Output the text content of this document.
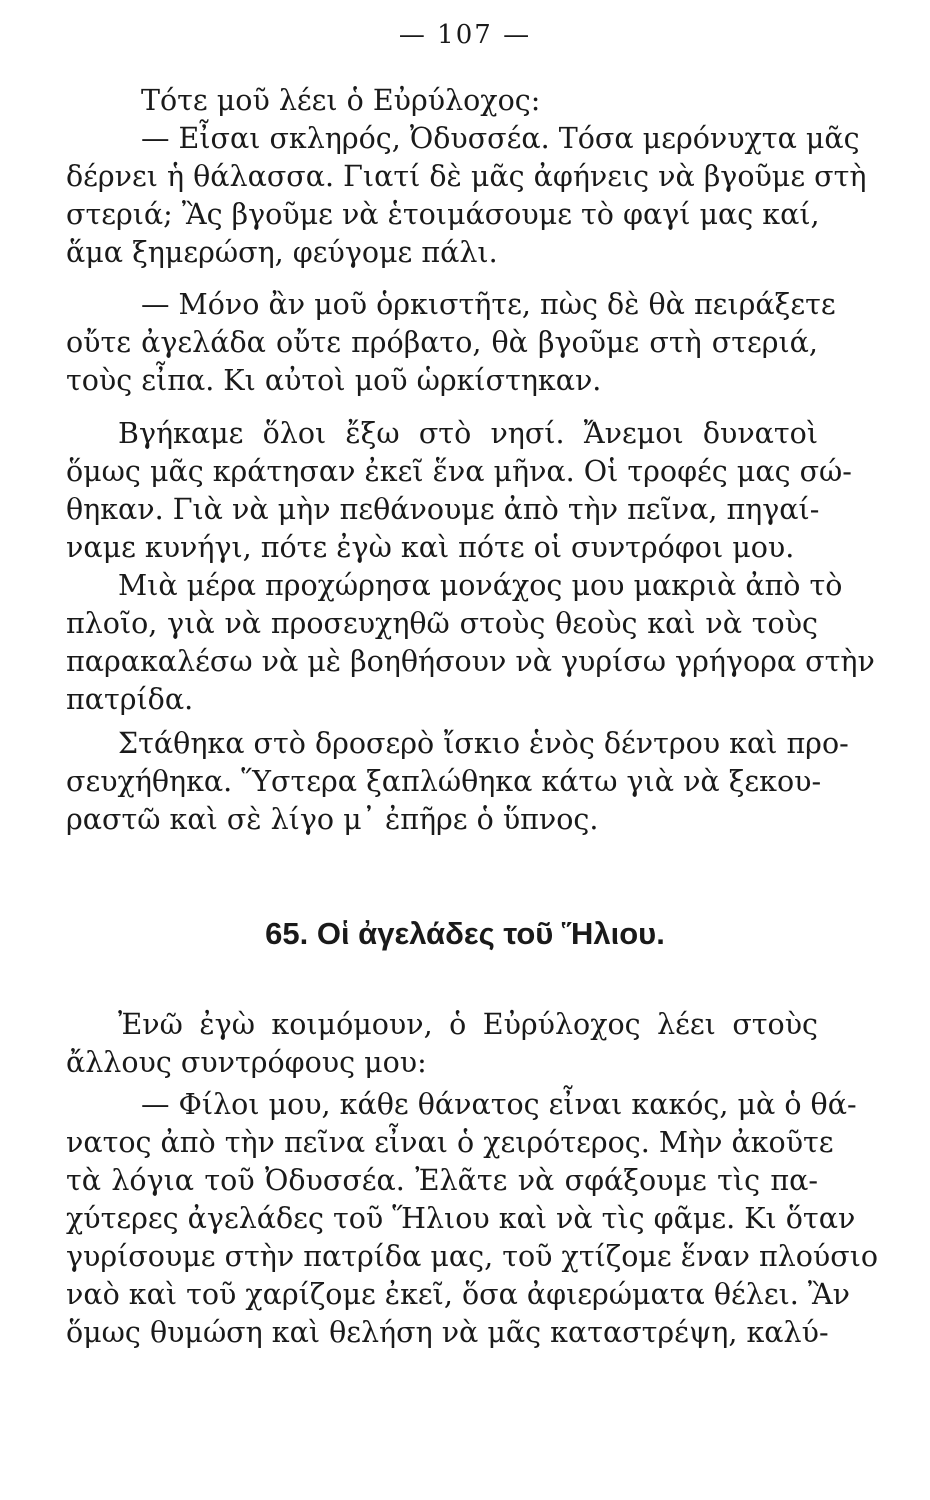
— 107 —
Τότε μοῦ λέει ὁ Εὐρύλοχος:
— Εἶσαι σκληρός, Ὀδυσσέα. Τόσα μερόνυχτα μᾶς
δέρνει ἡ θάλασσα. Γιατί δὲ μᾶς ἀφήνεις νὰ βγοῦμε στὴ
στεριά; Ἂς βγοῦμε νὰ ἑτοιμάσουμε τὸ φαγί μας καί,
ἅμα ξημερώση, φεύγομε πάλι.
— Μόνο ἂν μοῦ ὁρκιστῆτε, πὼς δὲ θὰ πειράξετε
οὔτε ἀγελάδα οὔτε πρόβατο, θὰ βγοῦμε στὴ στεριά,
τοὺς εἶπα. Κι αὐτοὶ μοῦ ὡρκίστηκαν.
Βγήκαμε ὅλοι ἔξω στὸ νησί. Ἄνεμοι δυνατοὶ
ὅμως μᾶς κράτησαν ἐκεῖ ἕνα μῆνα. Οἱ τροφές μας σώ-
θηκαν. Γιὰ νὰ μὴν πεθάνουμε ἀπὸ τὴν πεῖνα, πηγαί-
ναμε κυνήγι, πότε ἐγὼ καὶ πότε οἱ συντρόφοι μου.
Μιὰ μέρα προχώρησα μονάχος μου μακριὰ ἀπὸ τὸ
πλοῖο, γιὰ νὰ προσευχηθῶ στοὺς θεοὺς καὶ νὰ τοὺς
παρακαλέσω νὰ μὲ βοηθήσουν νὰ γυρίσω γρήγορα στὴν
πατρίδα.
Στάθηκα στὸ δροσερὸ ἴσκιο ἑνὸς δέντρου καὶ προ-
σευχήθηκα. Ὕστερα ξαπλώθηκα κάτω γιὰ νὰ ξεκου-
ραστῶ καὶ σὲ λίγο μ᾿ ἐπῆρε ὁ ὕπνος.
65. Οἱ ἀγελάδες τοῦ Ἥλιου.
Ἐνῶ ἐγὼ κοιμόμουν, ὁ Εὐρύλοχος λέει στοὺς
ἄλλους συντρόφους μου:
— Φίλοι μου, κάθε θάνατος εἶναι κακός, μὰ ὁ θά-
νατος ἀπὸ τὴν πεῖνα εἶναι ὁ χειρότερος. Μὴν ἀκοῦτε
τὰ λόγια τοῦ Ὀδυσσέα. Ἐλᾶτε νὰ σφάξουμε τὶς πα-
χύτερες ἀγελάδες τοῦ Ἥλιου καὶ νὰ τὶς φᾶμε. Κι ὅταν
γυρίσουμε στὴν πατρίδα μας, τοῦ χτίζομε ἕναν πλούσιο
ναὸ καὶ τοῦ χαρίζομε ἐκεῖ, ὅσα ἀφιερώματα θέλει. Ἂν
ὅμως θυμώση καὶ θελήση νὰ μᾶς καταστρέψη, καλύ-
